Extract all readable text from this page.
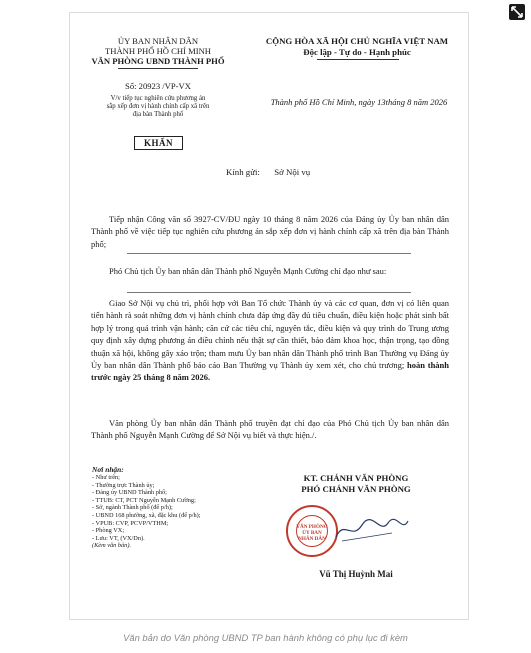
ỦY BAN NHÂN DÂN
THÀNH PHỐ HỒ CHÍ MINH
VĂN PHÒNG UBND THÀNH PHỐ
Số: 20923 /VP-VX
V/v tiếp tục nghiên cứu phương án
sắp xếp đơn vị hành chính cấp xã trên
địa bàn Thành phố
KHẨN
CỘNG HÒA XÃ HỘI CHỦ NGHĨA VIỆT NAM
Độc lập - Tự do - Hạnh phúc
Thành phố Hồ Chí Minh, ngày 13tháng 8 năm 2026
Kính gửi: Sở Nội vụ
Tiếp nhận Công văn số 3927-CV/ĐU ngày 10 tháng 8 năm 2026 của Đảng ủy Ủy ban nhân dân Thành phố về việc tiếp tục nghiên cứu phương án sắp xếp đơn vị hành chính cấp xã trên địa bàn Thành phố;
Phó Chủ tịch Ủy ban nhân dân Thành phố Nguyễn Mạnh Cường chỉ đạo như sau:
Giao Sở Nội vụ chủ trì, phối hợp với Ban Tổ chức Thành ủy và các cơ quan, đơn vị có liên quan tiến hành rà soát những đơn vị hành chính chưa đáp ứng đầy đủ tiêu chuẩn, điều kiện hoặc phát sinh bất hợp lý trong quá trình vận hành; căn cứ các tiêu chí, nguyên tắc, điều kiện và quy trình do Trung ương quy định xây dựng phương án điều chỉnh nếu thật sự cần thiết, bảo đảm khoa học, thận trọng, tạo đồng thuận xã hội, không gây xáo trộn; tham mưu Ủy ban nhân dân Thành phố trình Ban Thường vụ Đảng ủy Ủy ban nhân dân Thành phố báo cáo Ban Thường vụ Thành ủy xem xét, cho chủ trương; hoàn thành trước ngày 25 tháng 8 năm 2026.
Văn phòng Ủy ban nhân dân Thành phố truyền đạt chỉ đạo của Phó Chủ tịch Ủy ban nhân dân Thành phố Nguyễn Mạnh Cường để Sở Nội vụ biết và thực hiện./.
Nơi nhận:
- Như trên;
- Thường trực Thành ủy;
- Đảng ủy UBND Thành phố;
- TTUB: CT, PCT Nguyễn Mạnh Cường;
- Sở, ngành Thành phố (để p/h);
- UBND 168 phường, xã, đặc khu (để p/h);
- VPUB: CVP, PCVP/VTHM;
- Phòng VX;
- Lưu: VT, (VX/Dn).
(Kèm văn bản).
KT. CHÁNH VĂN PHÒNG
PHÓ CHÁNH VĂN PHÒNG
VĂN PHÒNG
ỦY BAN
NHÂN DÂN
Vũ Thị Huỳnh Mai
Văn bản do Văn phòng UBND TP ban hành không có phụ lục đi kèm
